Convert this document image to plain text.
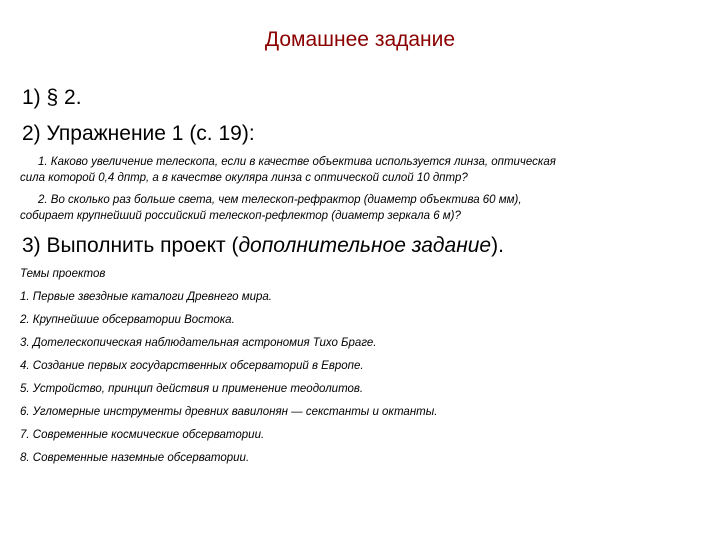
Домашнее задание
1) § 2.
2) Упражнение 1 (с. 19):
1. Каково увеличение телескопа, если в качестве объектива используется линза, оптическая
сила которой 0,4 дптр, а в качестве окуляра линза с оптической силой 10 дптр?
2. Во сколько раз больше света, чем телескоп-рефрактор (диаметр объектива 60 мм),
собирает крупнейший российский телескоп-рефлектор (диаметр зеркала 6 м)?
3) Выполнить проект (дополнительное задание).
Темы проектов
1. Первые звездные каталоги Древнего мира.
2. Крупнейшие обсерватории Востока.
3. Дотелескопическая наблюдательная астрономия Тихо Браге.
4. Создание первых государственных обсерваторий в Европе.
5. Устройство, принцип действия и применение теодолитов.
6. Угломерные инструменты древних вавилонян — секстанты и октанты.
7. Современные космические обсерватории.
8. Современные наземные обсерватории.
